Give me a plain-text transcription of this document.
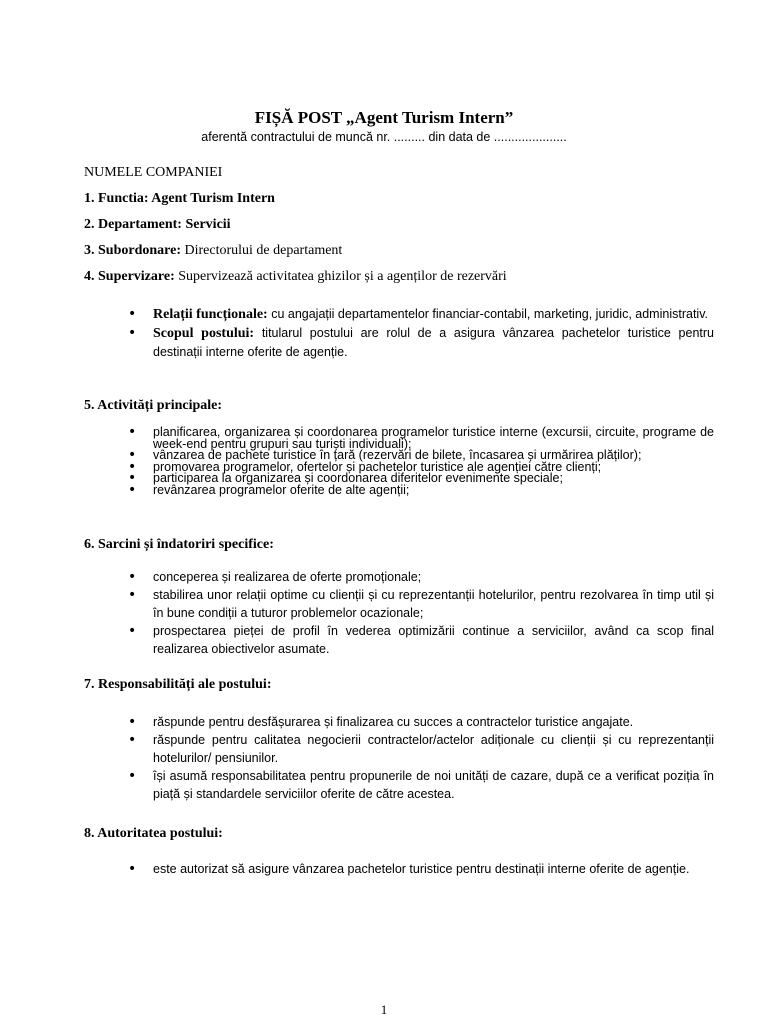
FIȘĂ POST „Agent Turism Intern”
aferentă contractului de muncă nr. ......... din data de .....................
NUMELE COMPANIEI
1. Functia: Agent Turism Intern
2. Departament: Servicii
3. Subordonare: Directorului de departament
4. Supervizare: Supervizează activitatea ghizilor și a agenților de rezervări
• Relații funcționale: cu angajații departamentelor financiar-contabil, marketing, juridic, administrativ.
• Scopul postului: titularul postului are rolul de a asigura vânzarea pachetelor turistice pentru destinații interne oferite de agenție.
5. Activități principale:
• planificarea, organizarea și coordonarea programelor turistice interne (excursii, circuite, programe de week-end pentru grupuri sau turiști individuali);
• vânzarea de pachete turistice în țară (rezervări de bilete, încasarea și urmărirea plăților);
• promovarea programelor, ofertelor și pachetelor turistice ale agenției către clienți;
• participarea la organizarea și coordonarea diferitelor evenimente speciale;
• revânzarea programelor oferite de alte agenții;
6. Sarcini și îndatoriri specifice:
• conceperea și realizarea de oferte promoționale;
• stabilirea unor relații optime cu clienții și cu reprezentanții hotelurilor, pentru rezolvarea în timp util și în bune condiții a tuturor problemelor ocazionale;
• prospectarea pieței de profil în vederea optimizării continue a serviciilor, având ca scop final realizarea obiectivelor asumate.
7. Responsabilități ale postului:
• răspunde pentru desfășurarea și finalizarea cu succes a contractelor turistice angajate.
• răspunde pentru calitatea negocierii contractelor/actelor adiționale cu clienții și cu reprezentanții hotelurilor/ pensiunilor.
• își asumă responsabilitatea pentru propunerile de noi unități de cazare, după ce a verificat poziția în piață și standardele serviciilor oferite de către acestea.
8. Autoritatea postului:
• este autorizat să asigure vânzarea pachetelor turistice pentru destinații interne oferite de agenție.
1
